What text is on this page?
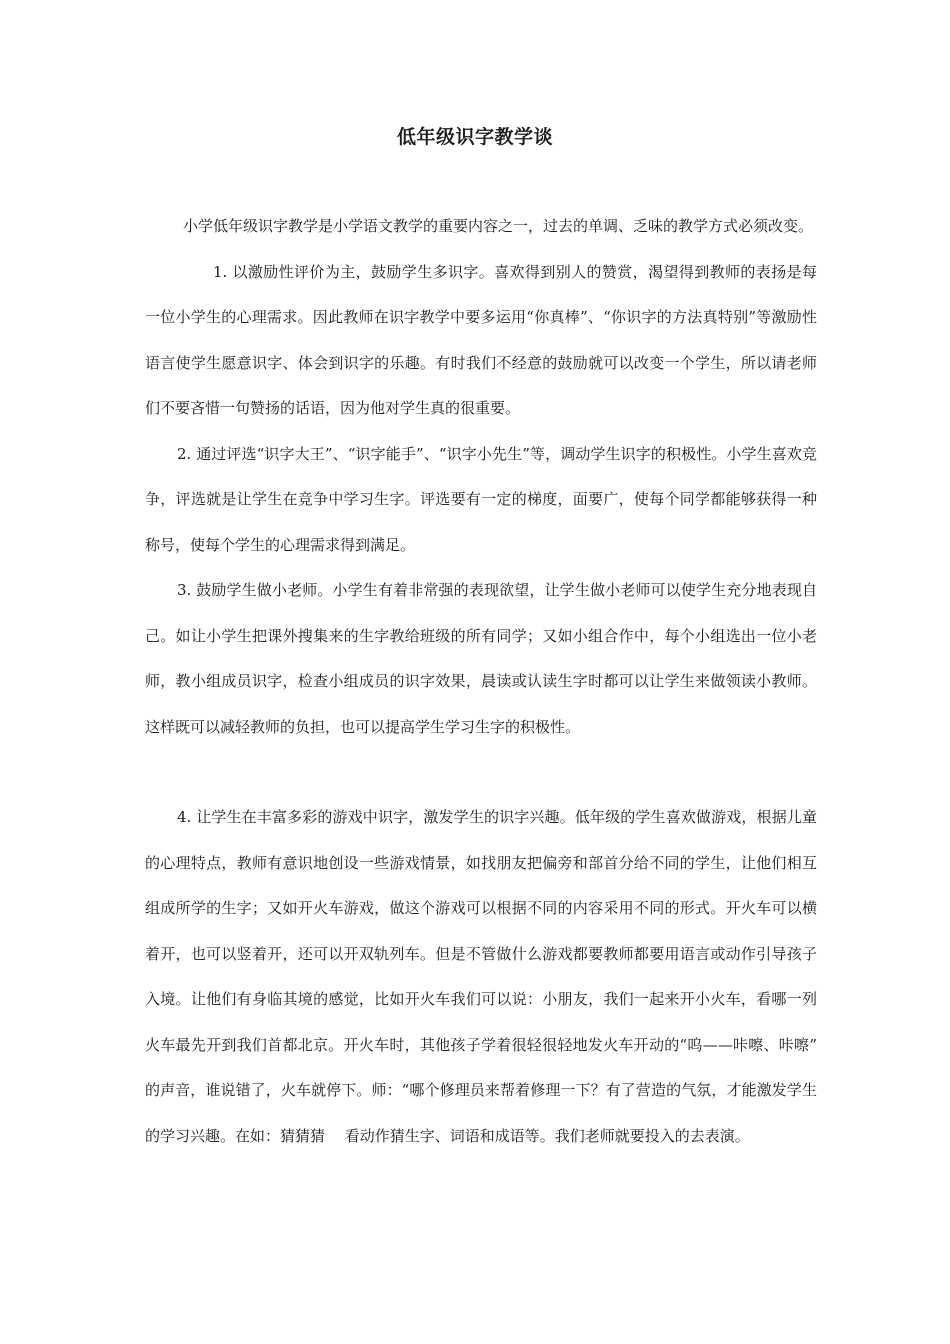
低年级识字教学谈

小学低年级识字教学是小学语文教学的重要内容之一，过去的单调、乏味的教学方式必须改变。

1. 以激励性评价为主，鼓励学生多识字。喜欢得到别人的赞赏，渴望得到教师的表扬是每一位小学生的心理需求。因此教师在识字教学中要多运用“你真棒”、“你识字的方法真特别”等激励性语言使学生愿意识字、体会到识字的乐趣。有时我们不经意的鼓励就可以改变一个学生，所以请老师们不要吝惜一句赞扬的话语，因为他对学生真的很重要。

2. 通过评选“识字大王”、“识字能手”、“识字小先生”等，调动学生识字的积极性。小学生喜欢竞争，评选就是让学生在竞争中学习生字。评选要有一定的梯度，面要广，使每个同学都能够获得一种称号，使每个学生的心理需求得到满足。

3. 鼓励学生做小老师。小学生有着非常强的表现欲望，让学生做小老师可以使学生充分地表现自己。如让小学生把课外搜集来的生字教给班级的所有同学；又如小组合作中，每个小组选出一位小老师，教小组成员识字，检查小组成员的识字效果，晨读或认读生字时都可以让学生来做领读小教师。这样既可以减轻教师的负担，也可以提高学生学习生字的积极性。

4. 让学生在丰富多彩的游戏中识字，激发学生的识字兴趣。低年级的学生喜欢做游戏，根据儿童的心理特点，教师有意识地创设一些游戏情景，如找朋友把偏旁和部首分给不同的学生，让他们相互组成所学的生字；又如开火车游戏，做这个游戏可以根据不同的内容采用不同的形式。开火车可以横着开，也可以竖着开，还可以开双轨列车。但是不管做什么游戏都要教师都要用语言或动作引导孩子入境。让他们有身临其境的感觉，比如开火车我们可以说：小朋友，我们一起来开小火车，看哪一列火车最先开到我们首都北京。开火车时，其他孩子学着很轻很轻地发火车开动的“呜——咔嚓、咔嚓” 的声音，谁说错了，火车就停下。师：“哪个修理员来帮着修理一下？有了营造的气氛，才能激发学生的学习兴趣。在如：猜猜猜　 看动作猜生字、词语和成语等。我们老师就要投入的去表演。
